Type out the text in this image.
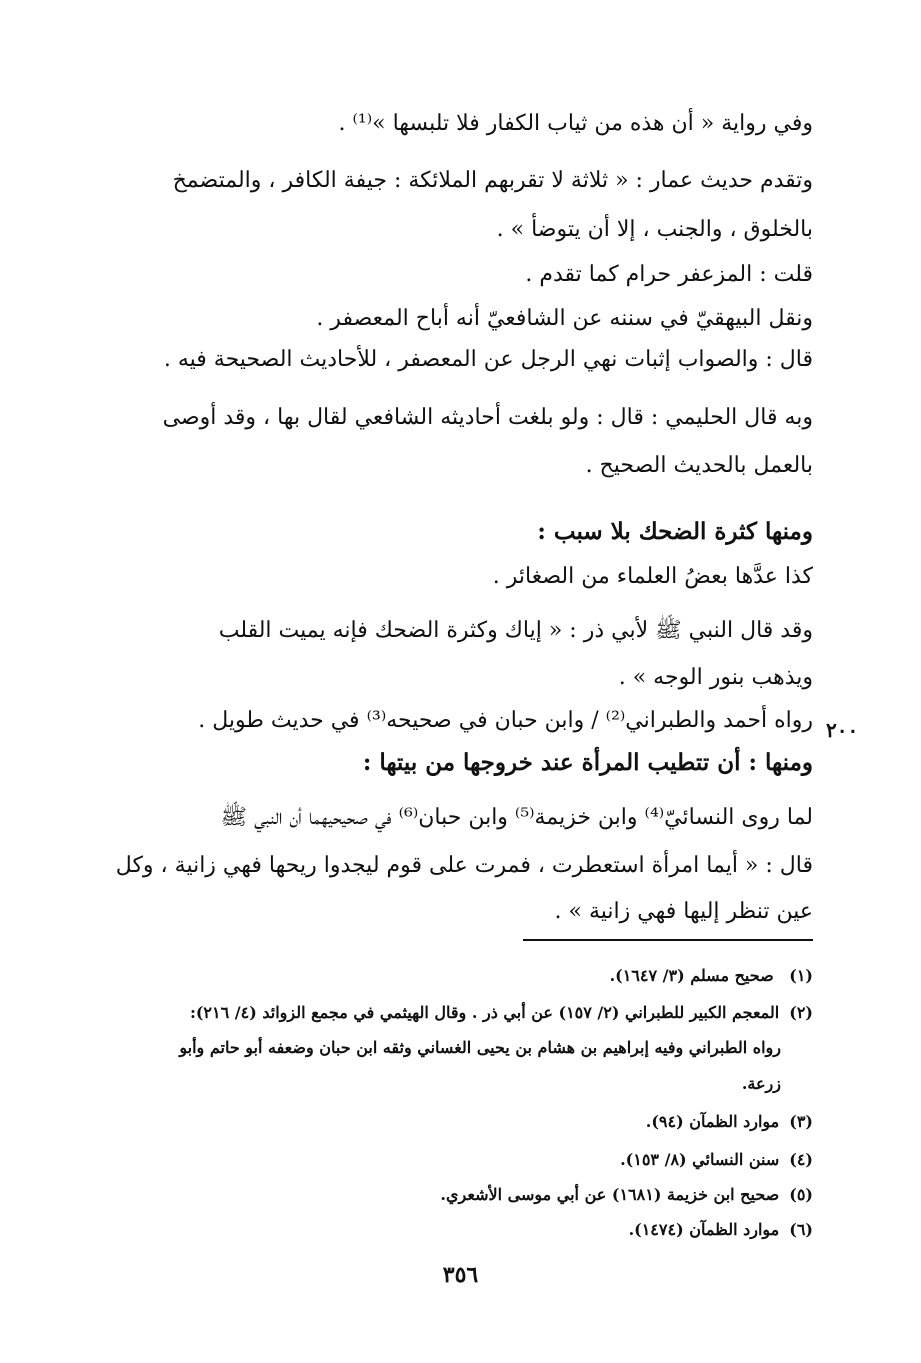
وفي رواية « أن هذه من ثياب الكفار فلا تلبسها »⁽¹⁾ .
وتقدم حديث عمار : « ثلاثة لا تقربهم الملائكة : جيفة الكافر ، والمتضمخ
بالخلوق ، والجنب ، إلا أن يتوضأ » .
قلت : المزعفر حرام كما تقدم .
ونقل البيهقيّ في سننه عن الشافعيّ أنه أباح المعصفر .
قال : والصواب إثبات نهي الرجل عن المعصفر ، للأحاديث الصحيحة فيه .
وبه قال الحليمي : قال : ولو بلغت أحاديثه الشافعي لقال بها ، وقد أوصى
بالعمل بالحديث الصحيح .
ومنها كثرة الضحك بلا سبب :
كذا عدَّها بعضُ العلماء من الصغائر .
وقد قال النبي ﷺ لأبي ذر : « إياك وكثرة الضحك فإنه يميت القلب
ويذهب بنور الوجه » .
رواه أحمد والطبراني⁽²⁾ / وابن حبان في صحيحه⁽³⁾ في حديث طويل . ٢٠٠
ومنها : أن تتطيب المرأة عند خروجها من بيتها :
لما روى النسائيّ⁽⁴⁾ وابن خزيمة⁽⁵⁾ وابن حبان⁽⁶⁾ في صحيحيهما أن النبي ﷺ
قال : « أيما امرأة استعطرت ، فمرت على قوم ليجدوا ريحها فهي زانية ، وكل
عين تنظر إليها فهي زانية » .
(١) صحيح مسلم (٣/ ١٦٤٧).
(٢)المعجم الكبير للطبراني (٢/ ١٥٧) عن أبي ذر . وقال الهيثمي في مجمع الزوائد (٤/ ٢١٦):
رواه الطبراني وفيه إبراهيم بن هشام بن يحيى الغساني وثقه ابن حبان وضعفه أبو حاتم وأبو
زرعة.
(٣)موارد الظمآن (٩٤).
(٤)سنن النسائي (٨/ ١٥٣).
(٥)صحيح ابن خزيمة (١٦٨١) عن أبي موسى الأشعري.
(٦)موارد الظمآن (١٤٧٤).
٣٥٦
